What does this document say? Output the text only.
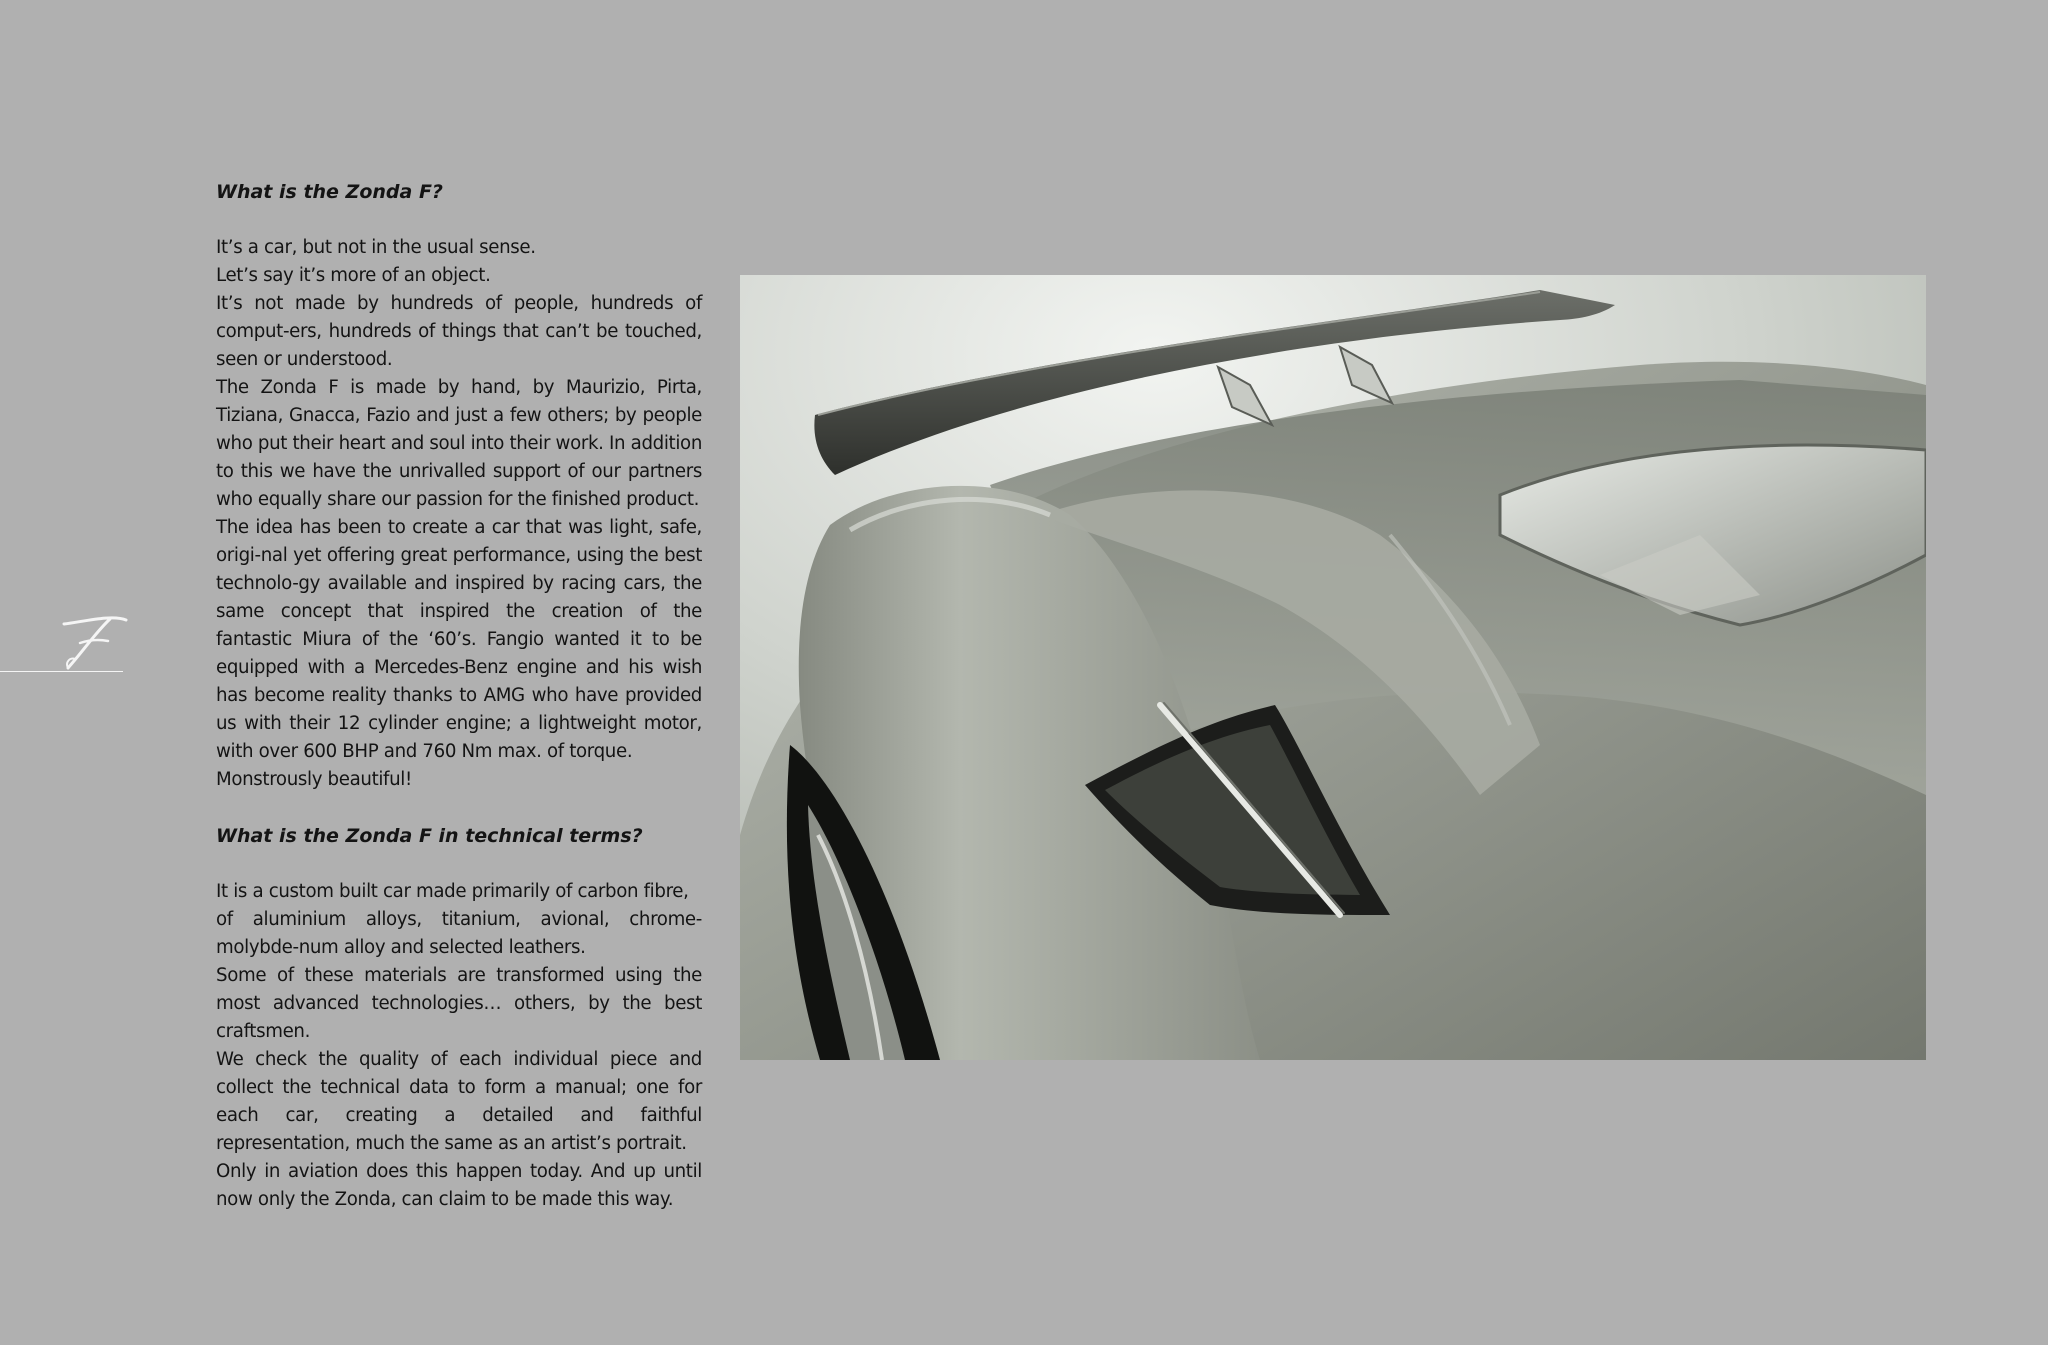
What is the Zonda F?

It’s a car, but not in the usual sense.

Let’s say it’s more of an object.

It’s not made by hundreds of people, hundreds of comput-ers, hundreds of things that can’t be touched, seen or understood.

The Zonda F is made by hand, by Maurizio, Pirta, Tiziana, Gnacca, Fazio and just a few others; by people who put their heart and soul into their work. In addition to this we have the unrivalled support of our partners who equally share our passion for the finished product.

The idea has been to create a car that was light, safe, origi-nal yet offering great performance, using the best technolo-gy available and inspired by racing cars, the same concept that inspired the creation of the fantastic Miura of the ‘60’s. Fangio wanted it to be equipped with a Mercedes-Benz engine and his wish has become reality thanks to AMG who have provided us with their 12 cylinder engine; a lightweight motor, with over 600 BHP and 760 Nm max. of torque.

Monstrously beautiful!

What is the Zonda F in technical terms?

It is a custom built car made primarily of carbon fibre,

of aluminium alloys, titanium, avional, chrome-molybde-num alloy and selected leathers.

Some of these materials are transformed using the most advanced technologies… others, by the best craftsmen.

We check the quality of each individual piece and collect the technical data to form a manual; one for each car, creating a detailed and faithful representation, much the same as an artist’s portrait.

Only in aviation does this happen today. And up until now only the Zonda, can claim to be made this way.
